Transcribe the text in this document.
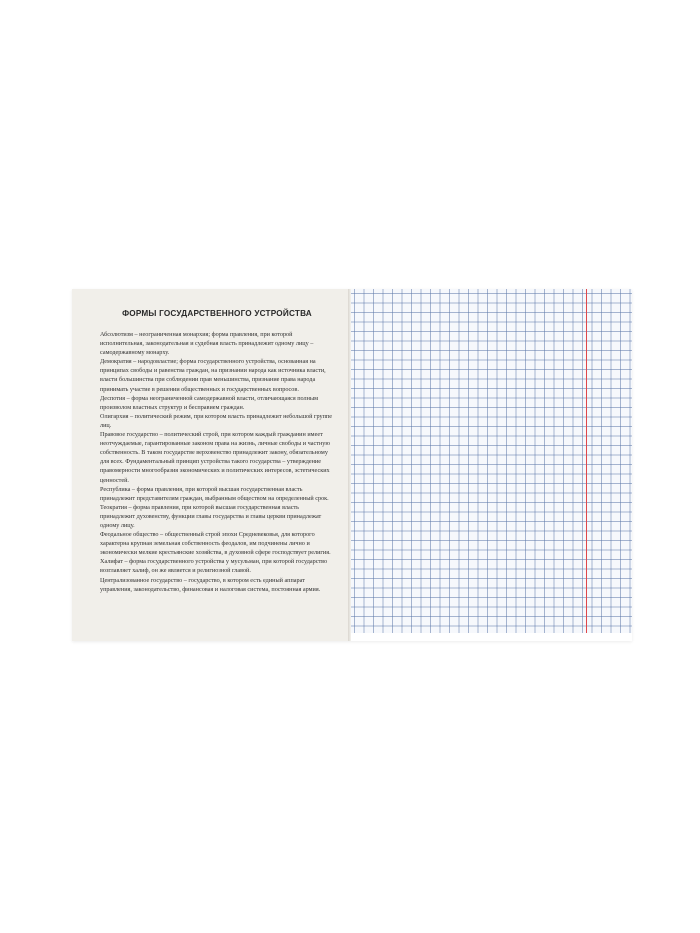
ФОРМЫ ГОСУДАРСТВЕННОГО УСТРОЙСТВА

Абсолютизм – неограниченная монархия; форма правления, при которой исполнительная, законодательная и судебная власть принадлежит одному лицу – самодержавному монарху.

Демократия – народовластие; форма государственного устройства, основанная на принципах свободы и равенства граждан, на признании народа как источника власти, власти большинства при соблюдении прав меньшинства, признание права народа принимать участие в решении общественных и государственных вопросов.

Деспотия – форма неограниченной самодержавной власти, отличающаяся полным произволом властных структур и бесправием граждан.

Олигархия – политический режим, при котором власть принадлежит небольшой группе лиц.

Правовое государство – политический строй, при котором каждый гражданин имеет неотчуждаемые, гарантированные законом права на жизнь, личные свободы и частную собственность. В таком государстве верховенство принадлежит закону, обязательному для всех. Фундаментальный принцип устройства такого государства – утверждение правомерности многообразия экономических и политических интересов, эстетических ценностей.

Республика – форма правления, при которой высшая государственная власть принадлежит представителям граждан, выбранным обществом на определенный срок.

Теократия – форма правления, при которой высшая государственная власть принадлежит духовенству, функции главы государства и главы церкви принадлежат одному лицу.

Феодальное общество – общественный строй эпохи Средневековья, для которого характерна крупная земельная собственность феодалов, им подчинены лично и экономически мелкие крестьянские хозяйства, в духовной сфере господствует религия.

Халифат – форма государственного устройства у мусульман, при которой государство возглавляет халиф, он же является и религиозной главой.

Централизованное государство – государство, в котором есть единый аппарат управления, законодательство, финансовая и налоговая система, постоянная армия.
